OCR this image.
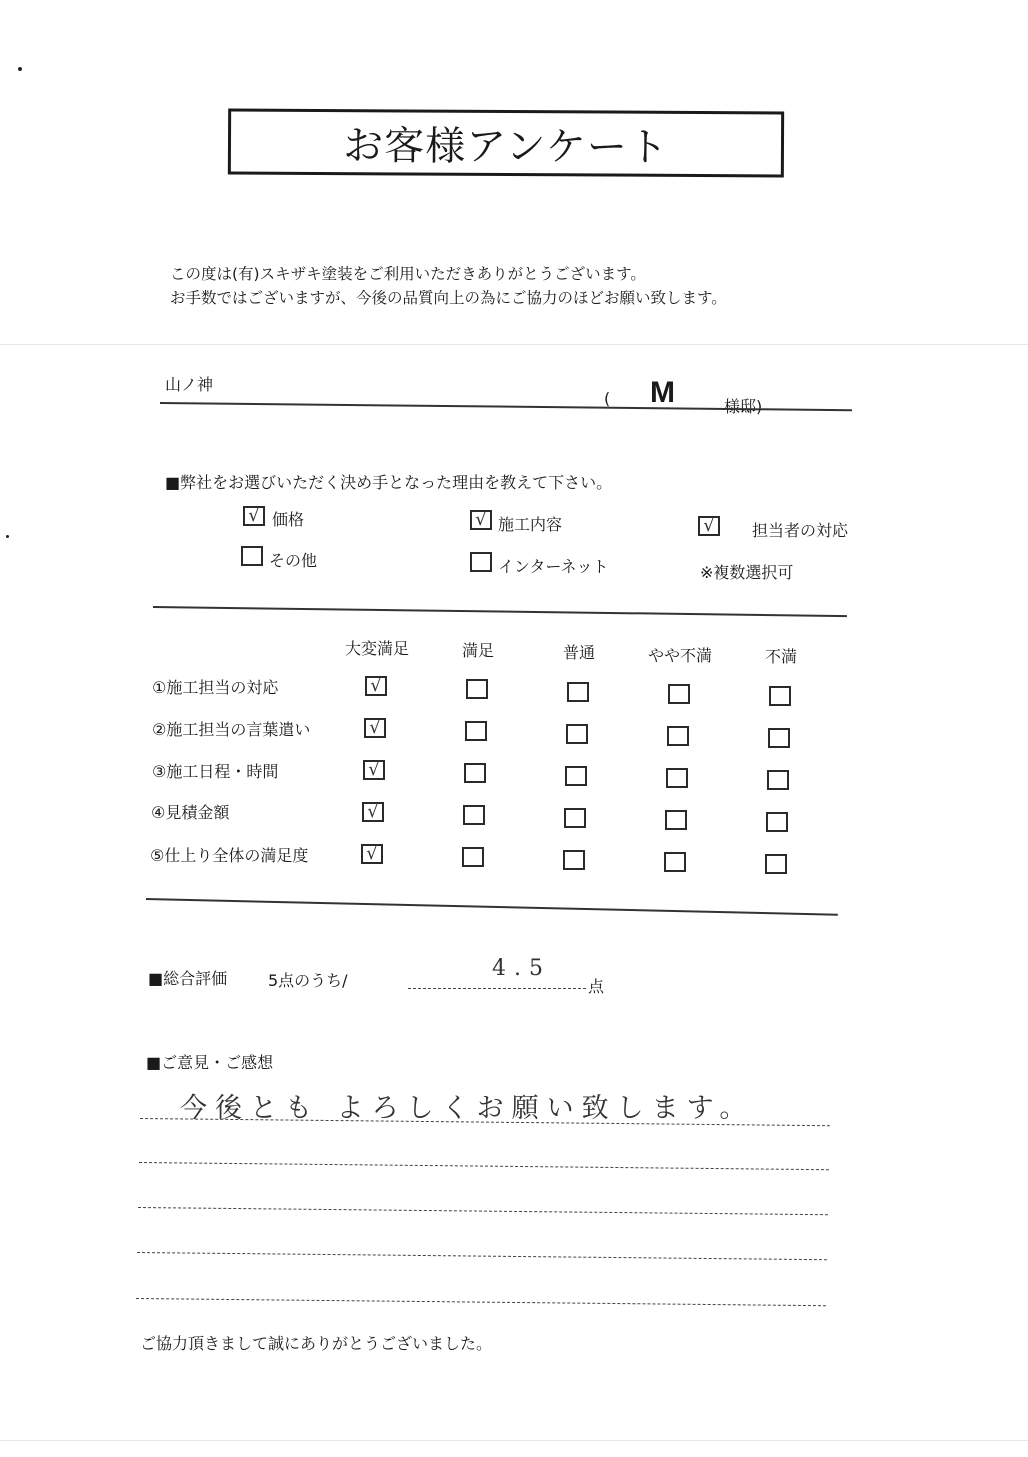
お客様アンケート
この度は(有)スキザキ塗装をご利用いただきありがとうございます。
お手数ではございますが、今後の品質向上の為にご協力のほどお願い致します。
山ノ神
( M	様邸)
■弊社をお選びいただく決め手となった理由を教えて下さい。
√ 価格	√ 施工内容	√	担当者の対応
その他	インターネット	※複数選択可
大変満足	満足	普通	やや不満	不満
①施工担当の対応	√
②施工担当の言葉遣い	√
③施工日程・時間	√
④見積金額	√
⑤仕上り全体の満足度	√
■総合評価	5点のうち/	4.5
点
■ご意見・ご感想
今後とも よろしくお願い致します。
ご協力頂きまして誠にありがとうございました。
